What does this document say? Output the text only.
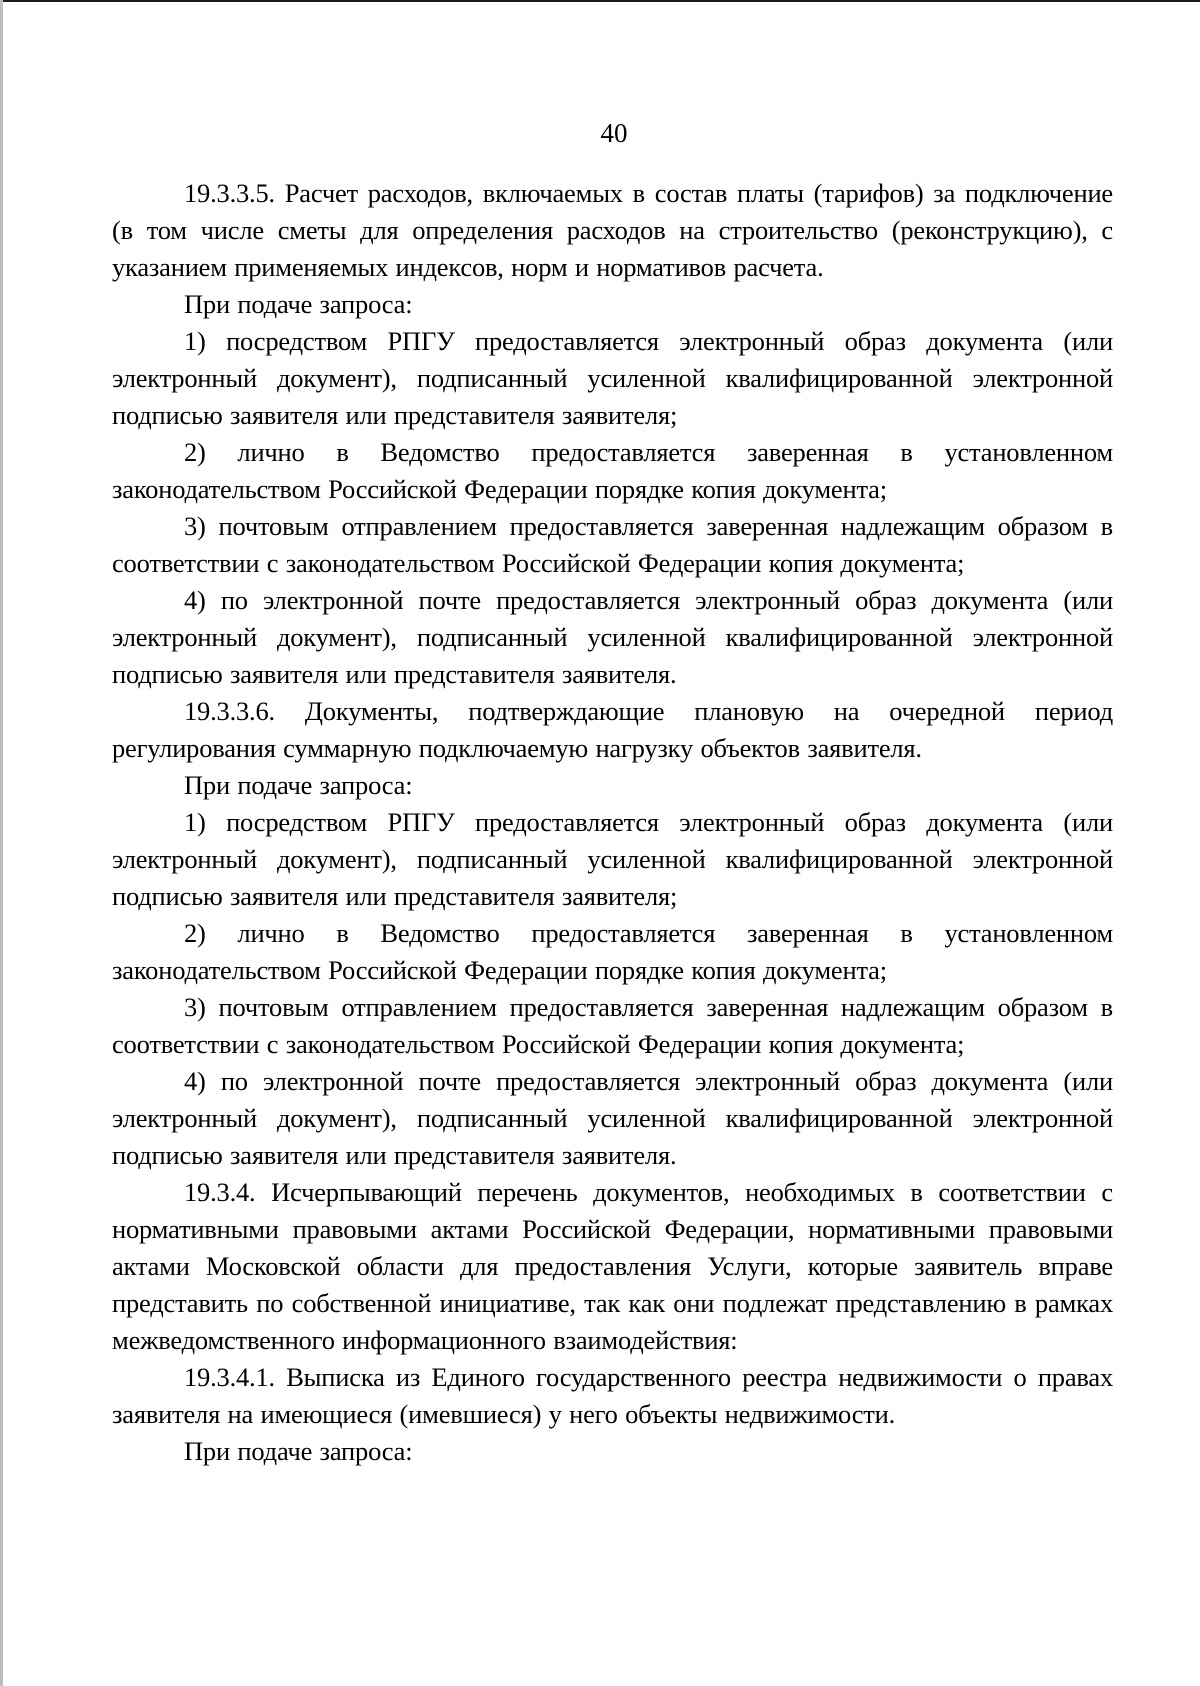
40

19.3.3.5. Расчет расходов, включаемых в состав платы (тарифов) за подключение (в том числе сметы для определения расходов на строительство (реконструкцию), с указанием применяемых индексов, норм и нормативов расчета.

При подаче запроса:

1) посредством РПГУ предоставляется электронный образ документа (или электронный документ), подписанный усиленной квалифицированной электронной подписью заявителя или представителя заявителя;

2) лично в Ведомство предоставляется заверенная в установленном законодательством Российской Федерации порядке копия документа;

3) почтовым отправлением предоставляется заверенная надлежащим образом в соответствии с законодательством Российской Федерации копия документа;

4) по электронной почте предоставляется электронный образ документа (или электронный документ), подписанный усиленной квалифицированной электронной подписью заявителя или представителя заявителя.

19.3.3.6. Документы, подтверждающие плановую на очередной период регулирования суммарную подключаемую нагрузку объектов заявителя.

При подаче запроса:

1) посредством РПГУ предоставляется электронный образ документа (или электронный документ), подписанный усиленной квалифицированной электронной подписью заявителя или представителя заявителя;

2) лично в Ведомство предоставляется заверенная в установленном законодательством Российской Федерации порядке копия документа;

3) почтовым отправлением предоставляется заверенная надлежащим образом в соответствии с законодательством Российской Федерации копия документа;

4) по электронной почте предоставляется электронный образ документа (или электронный документ), подписанный усиленной квалифицированной электронной подписью заявителя или представителя заявителя.

19.3.4. Исчерпывающий перечень документов, необходимых в соответствии с нормативными правовыми актами Российской Федерации, нормативными правовыми актами Московской области для предоставления Услуги, которые заявитель вправе представить по собственной инициативе, так как они подлежат представлению в рамках межведомственного информационного взаимодействия:

19.3.4.1. Выписка из Единого государственного реестра недвижимости о правах заявителя на имеющиеся (имевшиеся) у него объекты недвижимости.

При подаче запроса:
